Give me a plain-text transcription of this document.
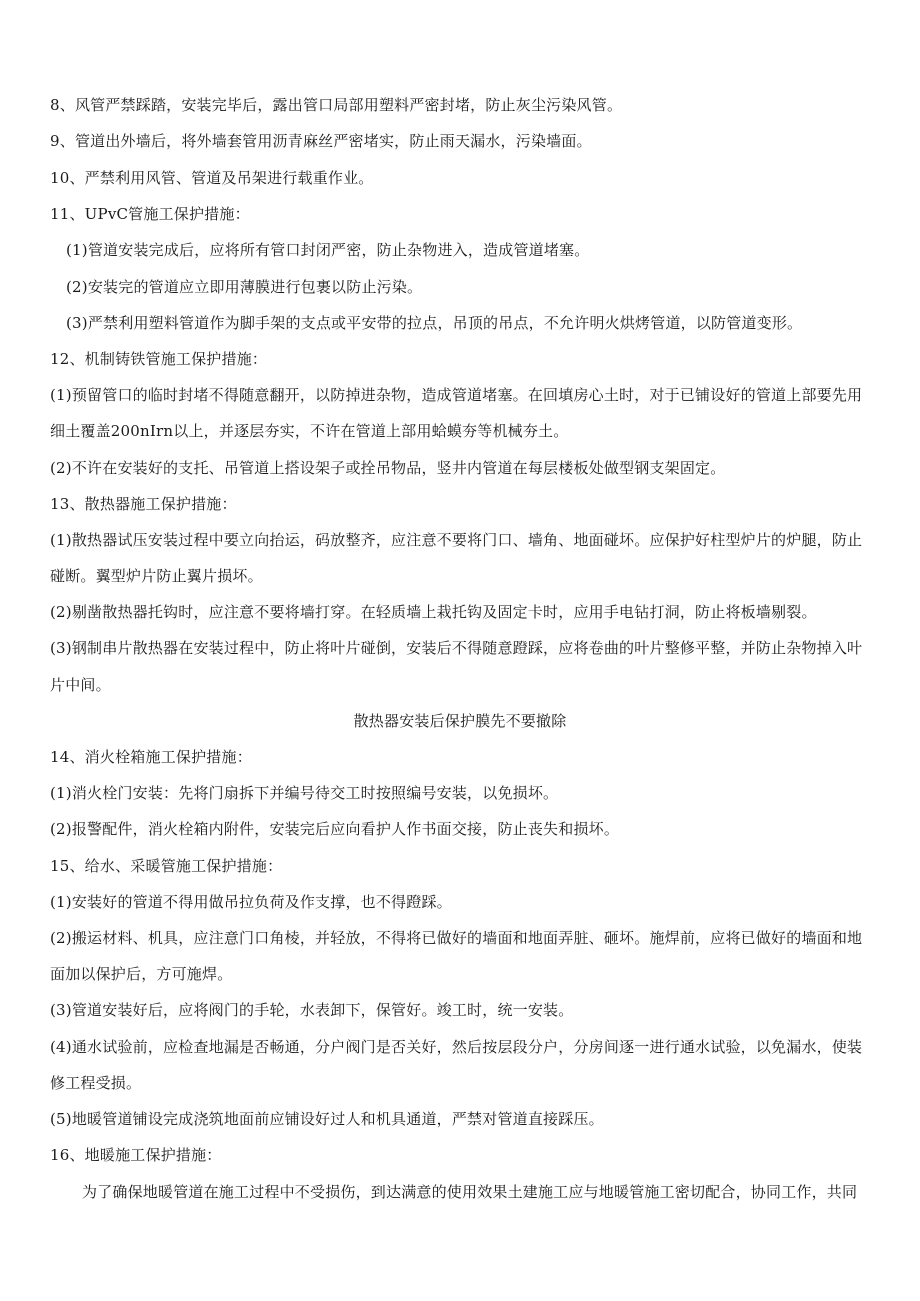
8、风管严禁踩踏，安装完毕后，露出管口局部用塑料严密封堵，防止灰尘污染风管。
9、管道出外墙后，将外墙套管用沥青麻丝严密堵实，防止雨天漏水，污染墙面。
10、严禁利用风管、管道及吊架进行载重作业。
11、UPvC管施工保护措施：
(1)管道安装完成后，应将所有管口封闭严密，防止杂物进入，造成管道堵塞。
(2)安装完的管道应立即用薄膜进行包裹以防止污染。
(3)严禁利用塑料管道作为脚手架的支点或平安带的拉点，吊顶的吊点，不允许明火烘烤管道，以防管道变形。
12、机制铸铁管施工保护措施：
(1)预留管口的临时封堵不得随意翻开，以防掉进杂物，造成管道堵塞。在回填房心土时，对于已铺设好的管道上部要先用
细土覆盖200nIrn以上，并逐层夯实，不许在管道上部用蛤蟆夯等机械夯土。
(2)不许在安装好的支托、吊管道上搭设架子或拴吊物品，竖井内管道在每层楼板处做型钢支架固定。
13、散热器施工保护措施：
(1)散热器试压安装过程中要立向抬运，码放整齐，应注意不要将门口、墙角、地面碰坏。应保护好柱型炉片的炉腿，防止
碰断。翼型炉片防止翼片损坏。
(2)剔凿散热器托钩时，应注意不要将墙打穿。在轻质墙上栽托钩及固定卡时，应用手电钻打洞，防止将板墙剔裂。
(3)钢制串片散热器在安装过程中，防止将叶片碰倒，安装后不得随意蹬踩，应将卷曲的叶片整修平整，并防止杂物掉入叶
片中间。
散热器安装后保护膜先不要撤除
14、消火栓箱施工保护措施：
(1)消火栓门安装：先将门扇拆下并编号待交工时按照编号安装，以免损坏。
(2)报警配件，消火栓箱内附件，安装完后应向看护人作书面交接，防止丧失和损坏。
15、给水、采暖管施工保护措施：
(1)安装好的管道不得用做吊拉负荷及作支撑，也不得蹬踩。
(2)搬运材料、机具，应注意门口角棱，并轻放，不得将已做好的墙面和地面弄脏、砸坏。施焊前，应将已做好的墙面和地
面加以保护后，方可施焊。
(3)管道安装好后，应将阀门的手轮，水表卸下，保管好。竣工时，统一安装。
(4)通水试验前，应检查地漏是否畅通，分户阀门是否关好，然后按层段分户，分房间逐一进行通水试验，以免漏水，使装
修工程受损。
(5)地暖管道铺设完成浇筑地面前应铺设好过人和机具通道，严禁对管道直接踩压。
16、地暖施工保护措施：
为了确保地暖管道在施工过程中不受损伤，到达满意的使用效果土建施工应与地暖管施工密切配合，协同工作，共同
